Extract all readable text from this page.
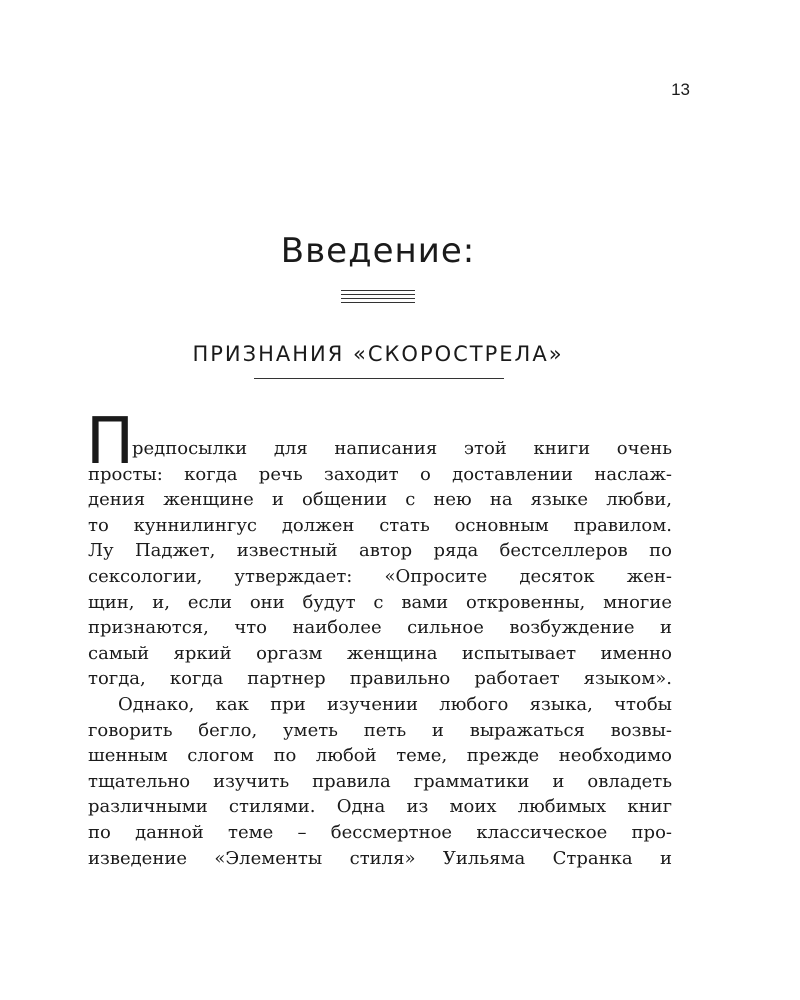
13
Введение:
ПРИЗНАНИЯ «СКОРОСТРЕЛА»
П
редпосылки для написания этой книги очень
просты: когда речь заходит о доставлении наслаж-
дения женщине и общении с нею на языке любви,
то куннилингус должен стать основным правилом.
Лу Паджет, известный автор ряда бестселлеров по
сексологии, утверждает: «Опросите десяток жен-
щин, и, если они будут с вами откровенны, многие
признаются, что наиболее сильное возбуждение и
самый яркий оргазм женщина испытывает именно
тогда, когда партнер правильно работает языком».
Однако, как при изучении любого языка, чтобы
говорить бегло, уметь петь и выражаться возвы-
шенным слогом по любой теме, прежде необходимо
тщательно изучить правила грамматики и овладеть
различными стилями. Одна из моих любимых книг
по данной теме – бессмертное классическое про-
изведение «Элементы стиля» Уильяма Странка и
